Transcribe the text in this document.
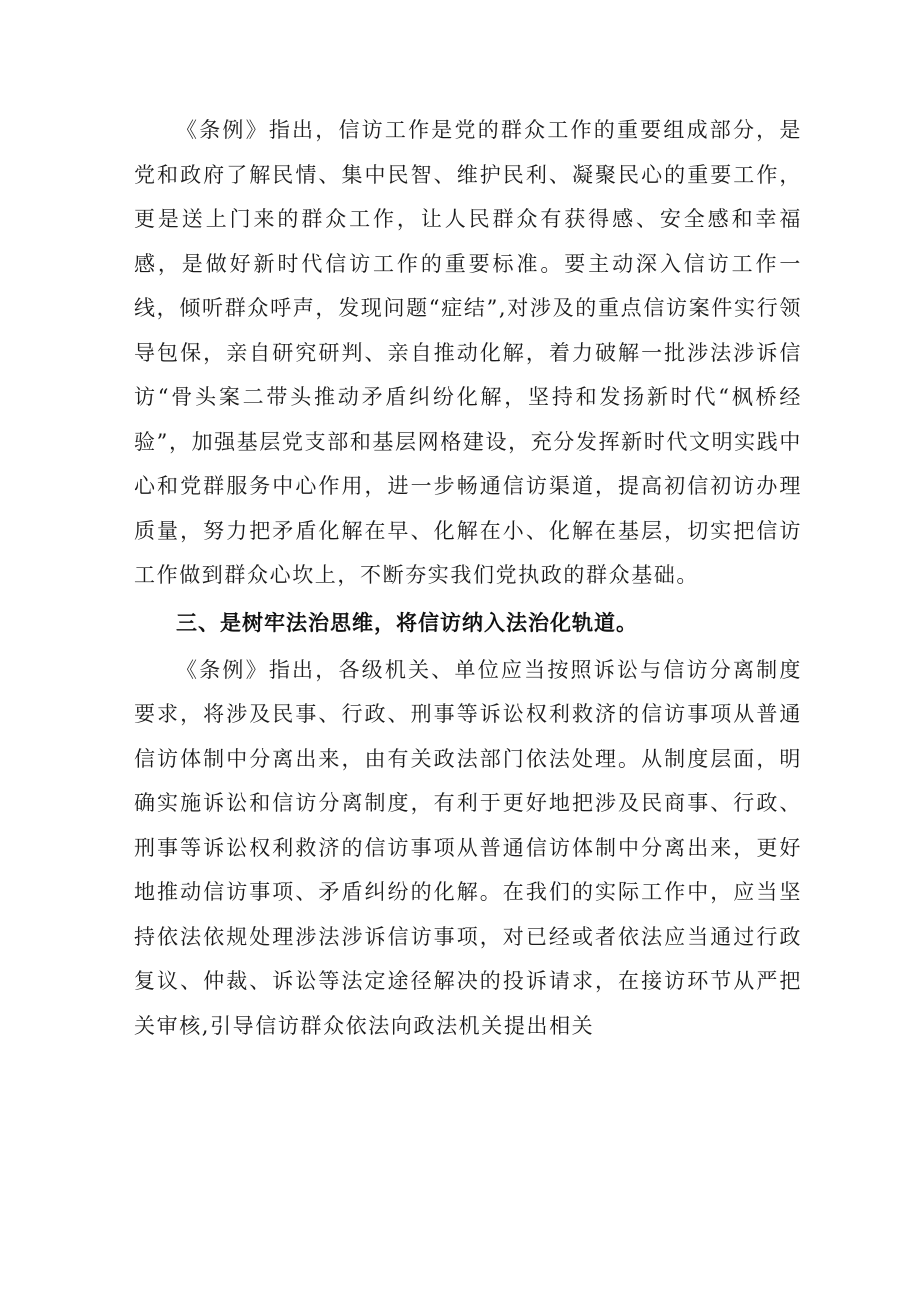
《条例》指出，信访工作是党的群众工作的重要组成部分，是党和政府了解民情、集中民智、维护民利、凝聚民心的重要工作，更是送上门来的群众工作，让人民群众有获得感、安全感和幸福感，是做好新时代信访工作的重要标准。要主动深入信访工作一线，倾听群众呼声，发现问题“症结”,对涉及的重点信访案件实行领导包保，亲自研究研判、亲自推动化解，着力破解一批涉法涉诉信访“骨头案二带头推动矛盾纠纷化解，坚持和发扬新时代“枫桥经验”，加强基层党支部和基层网格建设，充分发挥新时代文明实践中心和党群服务中心作用，进一步畅通信访渠道，提高初信初访办理质量，努力把矛盾化解在早、化解在小、化解在基层，切实把信访工作做到群众心坎上，不断夯实我们党执政的群众基础。

三、是树牢法治思维，将信访纳入法治化轨道。

《条例》指出，各级机关、单位应当按照诉讼与信访分离制度要求，将涉及民事、行政、刑事等诉讼权利救济的信访事项从普通信访体制中分离出来，由有关政法部门依法处理。从制度层面，明确实施诉讼和信访分离制度，有利于更好地把涉及民商事、行政、刑事等诉讼权利救济的信访事项从普通信访体制中分离出来，更好地推动信访事项、矛盾纠纷的化解。在我们的实际工作中，应当坚持依法依规处理涉法涉诉信访事项，对已经或者依法应当通过行政复议、仲裁、诉讼等法定途径解决的投诉请求，在接访环节从严把关审核,引导信访群众依法向政法机关提出相关
